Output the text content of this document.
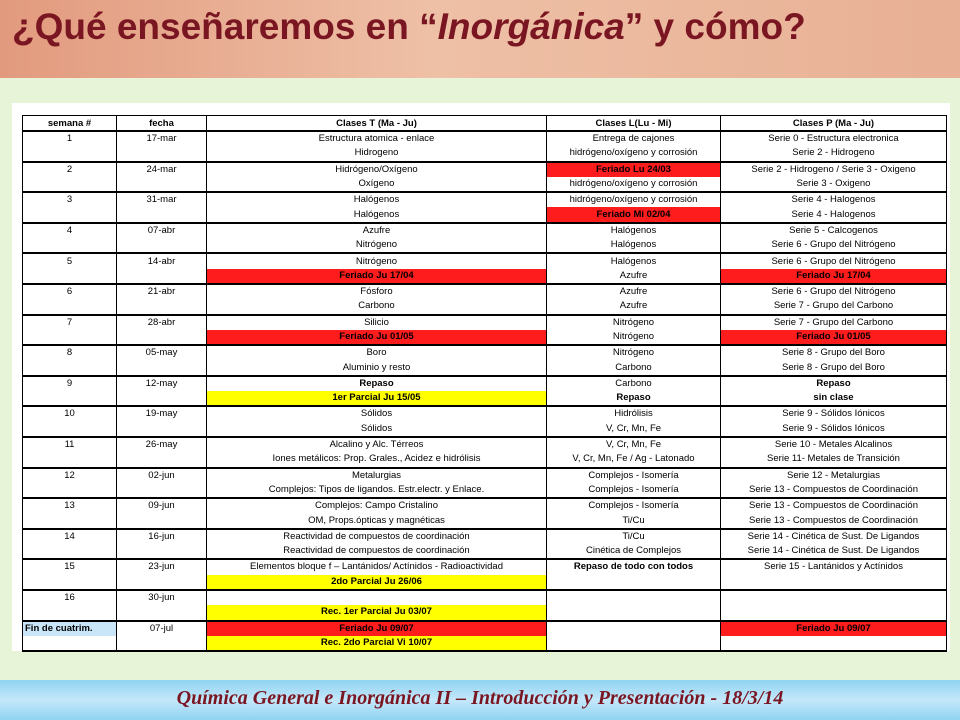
¿Qué enseñaremos en “Inorgánica” y cómo?
semana #	fecha	Clases T (Ma - Ju)	Clases L(Lu - Mi)	Clases P (Ma - Ju)
1	17-mar	Estructura atomica - enlace	Entrega de cajones	Serie 0 - Estructura electronica
		Hidrogeno	hidrógeno/oxígeno y corrosión	Serie 2 - Hidrogeno
2	24-mar	Hidrógeno/Oxígeno	Feriado Lu 24/03	Serie 2 - Hidrogeno / Serie 3 - Oxigeno
		Oxígeno	hidrógeno/oxígeno y corrosión	Serie 3 - Oxigeno
3	31-mar	Halógenos	hidrógeno/oxígeno y corrosión	Serie 4 - Halogenos
		Halógenos	Feriado Mi 02/04	Serie 4 - Halogenos
4	07-abr	Azufre	Halógenos	Serie 5 - Calcogenos
		Nitrógeno	Halógenos	Serie 6 - Grupo del Nitrógeno
5	14-abr	Nitrógeno	Halógenos	Serie 6 - Grupo del Nitrógeno
		Feriado Ju 17/04	Azufre	Feriado Ju 17/04
6	21-abr	Fósforo	Azufre	Serie 6 - Grupo del Nitrógeno
		Carbono	Azufre	Serie 7 - Grupo del Carbono
7	28-abr	Silicio	Nitrógeno	Serie 7 - Grupo del Carbono
		Feriado Ju 01/05	Nitrógeno	Feriado Ju 01/05
8	05-may	Boro	Nitrógeno	Serie 8 - Grupo del Boro
		Aluminio y resto	Carbono	Serie 8 - Grupo del Boro
9	12-may	Repaso	Carbono	Repaso
		1er Parcial Ju 15/05	Repaso	sin clase
10	19-may	Sólidos	Hidrólisis	Serie 9 - Sólidos Iónicos
		Sólidos	V, Cr, Mn, Fe	Serie 9 - Sólidos Iónicos
11	26-may	Alcalino y Alc. Térreos	V, Cr, Mn, Fe	Serie 10 - Metales Alcalinos
		Iones metálicos: Prop. Grales., Acidez e hidrólisis	V, Cr, Mn, Fe / Ag - Latonado	Serie 11- Metales de Transición
12	02-jun	Metalurgias	Complejos - Isomería	Serie 12 - Metalurgias
		Complejos: Tipos de ligandos. Estr.electr. y Enlace.	Complejos - Isomería	Serie 13 - Compuestos de Coordinación
13	09-jun	Complejos: Campo Cristalino	Complejos - Isomería	Serie 13 - Compuestos de Coordinación
		OM, Props.ópticas y magnéticas	Ti/Cu	Serie 13 - Compuestos de Coordinación
14	16-jun	Reactividad de compuestos de coordinación	Ti/Cu	Serie 14 - Cinética de Sust. De Ligandos
		Reactividad de compuestos de coordinación	Cinética de Complejos	Serie 14 - Cinética de Sust. De Ligandos
15	23-jun	Elementos bloque f – Lantánidos/ Actínidos - Radioactividad	Repaso de todo con todos	Serie 15 - Lantánidos y Actínidos
		2do Parcial Ju 26/06		
16	30-jun			
		Rec. 1er Parcial Ju 03/07		
Fin de cuatrim.	07-jul	Feriado Ju 09/07		Feriado Ju 09/07
		Rec. 2do Parcial Vi 10/07		
Química General e Inorgánica II – Introducción y Presentación - 18/3/14
